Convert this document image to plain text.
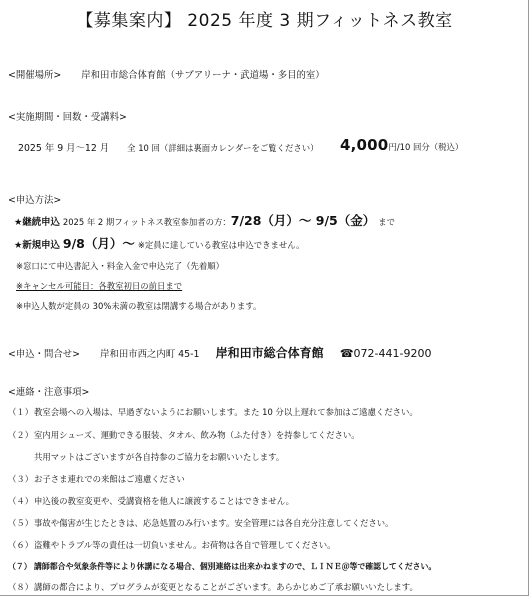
【募集案内】 2025 年度 3 期フィットネス教室
<開催場所> 岸和田市総合体育館（サブアリーナ・武道場・多目的室）
<実施期間・回数・受講料>
2025 年 9 月～12 月 全 10 回（詳細は裏面カレンダーをご覧ください） 4,000円/10 回分（税込）
<申込方法>
★継続申込 2025 年 2 期フィットネス教室参加者の方：7/28（月）～ 9/5（金） まで
★新規申込 9/8（月）～ ※定員に達している教室は申込できません。
※窓口にて申込書記入・料金入金で申込完了（先着順）
※キャンセル可能日：各教室初日の前日まで
※申込人数が定員の 30%未満の教室は閉講する場合があります。
<申込・問合せ> 岸和田市西之内町 45-1 岸和田市総合体育館 ☎072-441-9200
<連絡・注意事項>
（１）教室会場への入場は、早過ぎないようにお願いします。また 10 分以上遅れて参加はご遠慮ください。
（２）室内用シューズ、運動できる服装、タオル、飲み物（ふた付き）を持参してください。
共用マットはございますが各自持参のご協力をお願いいたします。
（３）お子さま連れでの来館はご遠慮ください
（４）申込後の教室変更や、受講資格を他人に譲渡することはできません。
（５）事故や傷害が生じたときは、応急処置のみ行います。安全管理には各自充分注意してください。
（６）盗難やトラブル等の責任は一切負いません。お荷物は各自で管理してください。
（７） 講師都合や気象条件等により休講になる場合、個別連絡は出来かねますので、ＬＩＮＥ＠等で確認してください。
（８）講師の都合により、プログラムが変更となることがございます。あらかじめご了承お願いいたします。
